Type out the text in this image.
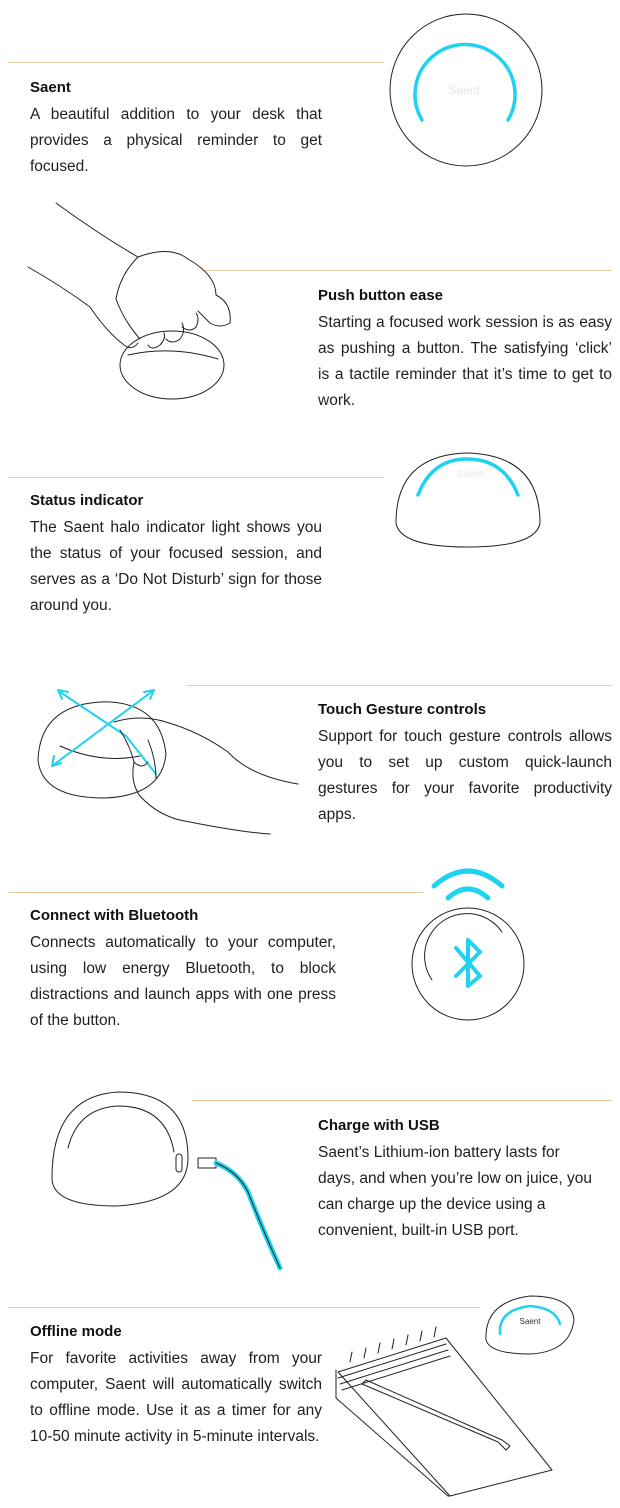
Saent

A beautiful addition to your desk that provides a physical reminder to get focused.

Saent
Push button ease

Starting a focused work session is as easy as pushing a button. The satisfying ‘click’ is a tactile reminder that it’s time to get to work.

Status indicator

The Saent halo indicator light shows you the status of your focused session, and serves as a ‘Do Not Disturb’ sign for those around you.

Saent
Touch Gesture controls

Support for touch gesture controls allows you to set up custom quick-launch gestures for your favorite productivity apps.

Connect with Bluetooth

Connects automatically to your computer, using low energy Bluetooth, to block distractions and launch apps with one press of the button.

Charge with USB

Saent’s Lithium-ion battery lasts for days, and when you’re low on juice, you can charge up the device using a convenient, built-in USB port.

Offline mode

For favorite activities away from your computer, Saent will automatically switch to offline mode. Use it as a timer for any 10-50 minute activity in 5-minute intervals.

Saent
